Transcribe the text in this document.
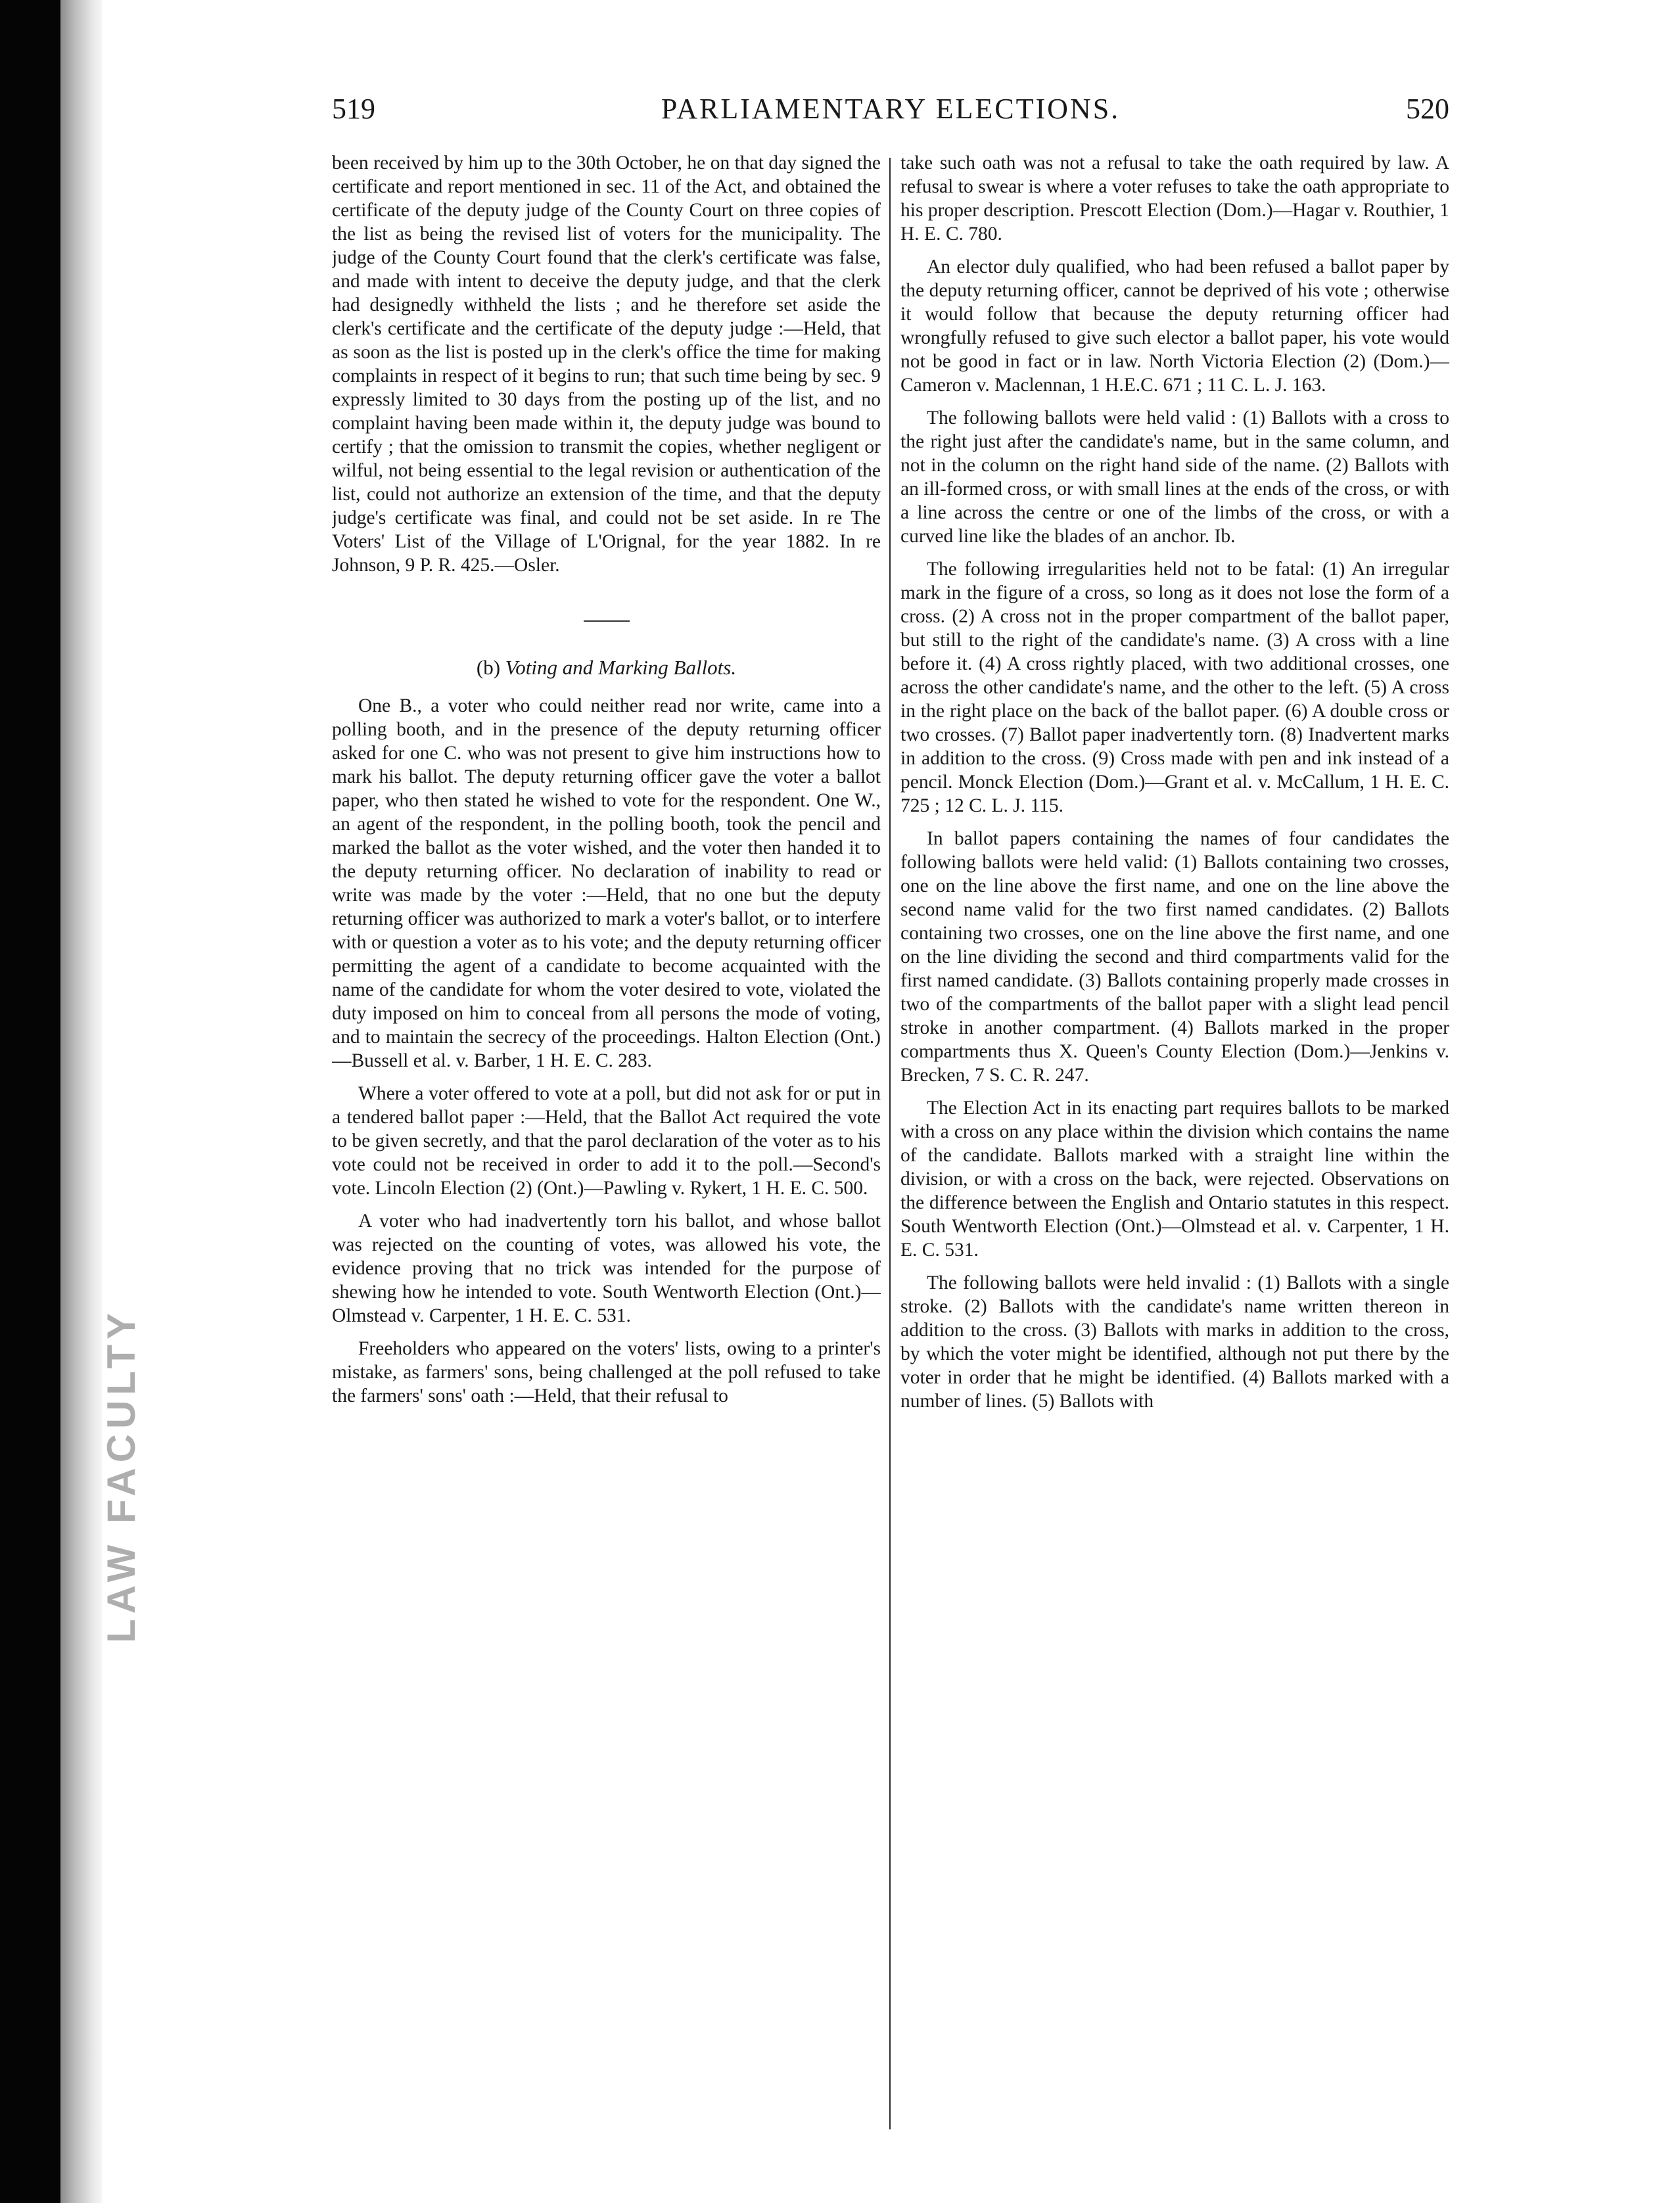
LAW FACULTY
519	PARLIAMENTARY ELECTIONS.	520

been received by him up to the 30th October, he on that day signed the certificate and report mentioned in sec. 11 of the Act, and obtained the certificate of the deputy judge of the County Court on three copies of the list as being the revised list of voters for the municipality. The judge of the County Court found that the clerk's certificate was false, and made with intent to deceive the deputy judge, and that the clerk had designedly withheld the lists ; and he therefore set aside the clerk's certificate and the certificate of the deputy judge :—Held, that as soon as the list is posted up in the clerk's office the time for making complaints in respect of it begins to run; that such time being by sec. 9 expressly limited to 30 days from the posting up of the list, and no complaint having been made within it, the deputy judge was bound to certify ; that the omission to transmit the copies, whether negligent or wilful, not being essential to the legal revision or authentication of the list, could not authorize an extension of the time, and that the deputy judge's certificate was final, and could not be set aside. In re The Voters' List of the Village of L'Orignal, for the year 1882. In re Johnson, 9 P. R. 425.—Osler.

(b) Voting and Marking Ballots.

One B., a voter who could neither read nor write, came into a polling booth, and in the presence of the deputy returning officer asked for one C. who was not present to give him instructions how to mark his ballot. The deputy returning officer gave the voter a ballot paper, who then stated he wished to vote for the respondent. One W., an agent of the respondent, in the polling booth, took the pencil and marked the ballot as the voter wished, and the voter then handed it to the deputy returning officer. No declaration of inability to read or write was made by the voter :—Held, that no one but the deputy returning officer was authorized to mark a voter's ballot, or to interfere with or question a voter as to his vote; and the deputy returning officer permitting the agent of a candidate to become acquainted with the name of the candidate for whom the voter desired to vote, violated the duty imposed on him to conceal from all persons the mode of voting, and to maintain the secrecy of the proceedings. Halton Election (Ont.)—Bussell et al. v. Barber, 1 H. E. C. 283.

Where a voter offered to vote at a poll, but did not ask for or put in a tendered ballot paper :—Held, that the Ballot Act required the vote to be given secretly, and that the parol declaration of the voter as to his vote could not be received in order to add it to the poll.—Second's vote. Lincoln Election (2) (Ont.)—Pawling v. Rykert, 1 H. E. C. 500.

A voter who had inadvertently torn his ballot, and whose ballot was rejected on the counting of votes, was allowed his vote, the evidence proving that no trick was intended for the purpose of shewing how he intended to vote. South Wentworth Election (Ont.)—Olmstead v. Carpenter, 1 H. E. C. 531.

Freeholders who appeared on the voters' lists, owing to a printer's mistake, as farmers' sons, being challenged at the poll refused to take the farmers' sons' oath :—Held, that their refusal to

take such oath was not a refusal to take the oath required by law. A refusal to swear is where a voter refuses to take the oath appropriate to his proper description. Prescott Election (Dom.)—Hagar v. Routhier, 1 H. E. C. 780.

An elector duly qualified, who had been refused a ballot paper by the deputy returning officer, cannot be deprived of his vote ; otherwise it would follow that because the deputy returning officer had wrongfully refused to give such elector a ballot paper, his vote would not be good in fact or in law. North Victoria Election (2) (Dom.)—Cameron v. Maclennan, 1 H.E.C. 671 ; 11 C. L. J. 163.

The following ballots were held valid : (1) Ballots with a cross to the right just after the candidate's name, but in the same column, and not in the column on the right hand side of the name. (2) Ballots with an ill-formed cross, or with small lines at the ends of the cross, or with a line across the centre or one of the limbs of the cross, or with a curved line like the blades of an anchor. Ib.

The following irregularities held not to be fatal: (1) An irregular mark in the figure of a cross, so long as it does not lose the form of a cross. (2) A cross not in the proper compartment of the ballot paper, but still to the right of the candidate's name. (3) A cross with a line before it. (4) A cross rightly placed, with two additional crosses, one across the other candidate's name, and the other to the left. (5) A cross in the right place on the back of the ballot paper. (6) A double cross or two crosses. (7) Ballot paper inadvertently torn. (8) Inadvertent marks in addition to the cross. (9) Cross made with pen and ink instead of a pencil. Monck Election (Dom.)—Grant et al. v. McCallum, 1 H. E. C. 725 ; 12 C. L. J. 115.

In ballot papers containing the names of four candidates the following ballots were held valid: (1) Ballots containing two crosses, one on the line above the first name, and one on the line above the second name valid for the two first named candidates. (2) Ballots containing two crosses, one on the line above the first name, and one on the line dividing the second and third compartments valid for the first named candidate. (3) Ballots containing properly made crosses in two of the compartments of the ballot paper with a slight lead pencil stroke in another compartment. (4) Ballots marked in the proper compartments thus X. Queen's County Election (Dom.)—Jenkins v. Brecken, 7 S. C. R. 247.

The Election Act in its enacting part requires ballots to be marked with a cross on any place within the division which contains the name of the candidate. Ballots marked with a straight line within the division, or with a cross on the back, were rejected. Observations on the difference between the English and Ontario statutes in this respect. South Wentworth Election (Ont.)—Olmstead et al. v. Carpenter, 1 H. E. C. 531.

The following ballots were held invalid : (1) Ballots with a single stroke. (2) Ballots with the candidate's name written thereon in addition to the cross. (3) Ballots with marks in addition to the cross, by which the voter might be identified, although not put there by the voter in order that he might be identified. (4) Ballots marked with a number of lines. (5) Ballots with
